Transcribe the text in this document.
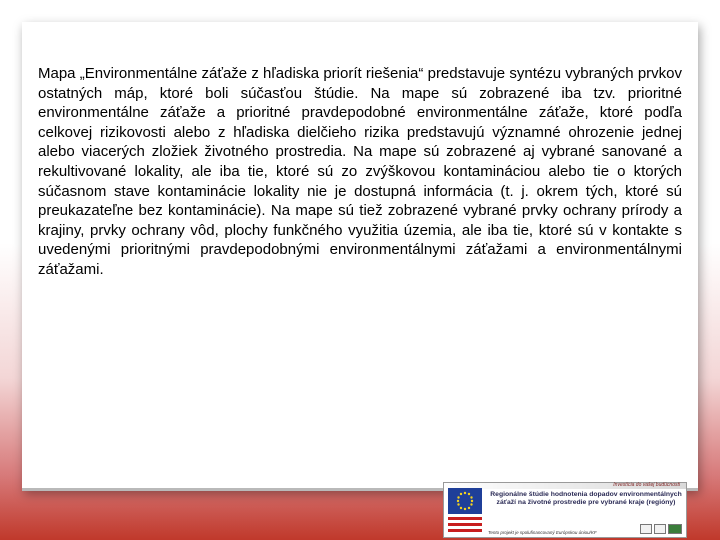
Mapa „Environmentálne záťaže z hľadiska priorít riešenia“ predstavuje syntézu vybraných prvkov ostatných máp, ktoré boli súčasťou štúdie. Na mape sú zobrazené iba tzv. prioritné environmentálne záťaže a prioritné pravdepodobné environmentálne záťaže, ktoré podľa celkovej rizikovosti alebo z hľadiska dielčieho rizika predstavujú významné ohrozenie jednej alebo viacerých zložiek životného prostredia. Na mape sú zobrazené aj vybrané sanované a rekultivované lokality, ale iba tie, ktoré sú zo zvýškovou kontamináciou alebo tie o ktorých súčasnom stave kontaminácie lokality nie je dostupná informácia (t. j. okrem tých, ktoré sú preukazateľne bez kontaminácie). Na mape sú tiež zobrazené vybrané prvky ochrany prírody a krajiny, prvky ochrany vôd, plochy funkčného využitia územia, ale iba tie, ktoré sú v kontakte s uvedenými prioritnými pravdepodobnými environmentálnymi záťažami a environmentálnymi záťažami.

Investícia do vašej budúcnosti
Regionálne štúdie hodnotenia dopadov environmentálnych záťaží na životné prostredie pre vybrané kraje (regióny)
Tento projekt je spolufinancovaný Európskou úniou/KF
